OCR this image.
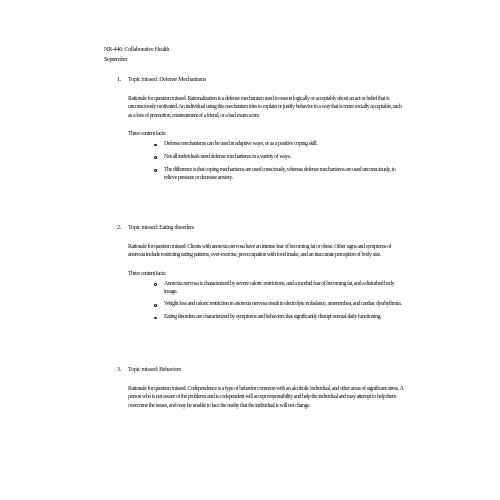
NR-446: Collaborative Health
September
1. Topic missed: Defense Mechanisms
Rationale for question missed: Rationalization is a defense mechanism used to reason logically or acceptably about an act or belief that is unconsciously motivated. An individual using this mechanism tries to explain or justify behavior in a way that is more socially acceptable, such as a loss of promotion, mistreatment of a friend, or a bad exam score.
Three content facts:
Defense mechanisms can be used in adaptive ways, or as a positive coping skill.
Not all individuals need defense mechanisms in a variety of ways.
The difference is that coping mechanisms are used consciously, whereas defense mechanisms are used unconsciously, to relieve pressure or decrease anxiety.
2. Topic missed: Eating disorders
Rationale for question missed: Clients with anorexia nervosa have an intense fear of becoming fat or obese. Other signs and symptoms of anorexia include restricting eating patterns, over-exercise, preoccupation with food intake, and an inaccurate perception of body size.
Three content facts:
Anorexia nervosa is characterized by severe caloric restrictions, and a morbid fear of becoming fat, and a disturbed body image.
Weight loss and caloric restriction in anorexia nervosa result in electrolyte imbalance, amenorrhea, and cardiac dysrhythmia.
Eating disorders are characterized by symptoms and behaviors that significantly disrupt normal daily functioning.
3. Topic missed: Behaviors
Rationale for question missed: Codependence is a type of behavior common with an alcoholic individual, and other areas of significant stress. A person who is not aware of the problems and is codependent will accept responsibility and help the individual and may attempt to help them overcome the issues, and may be unable to face the reality that the individual is will not change.
